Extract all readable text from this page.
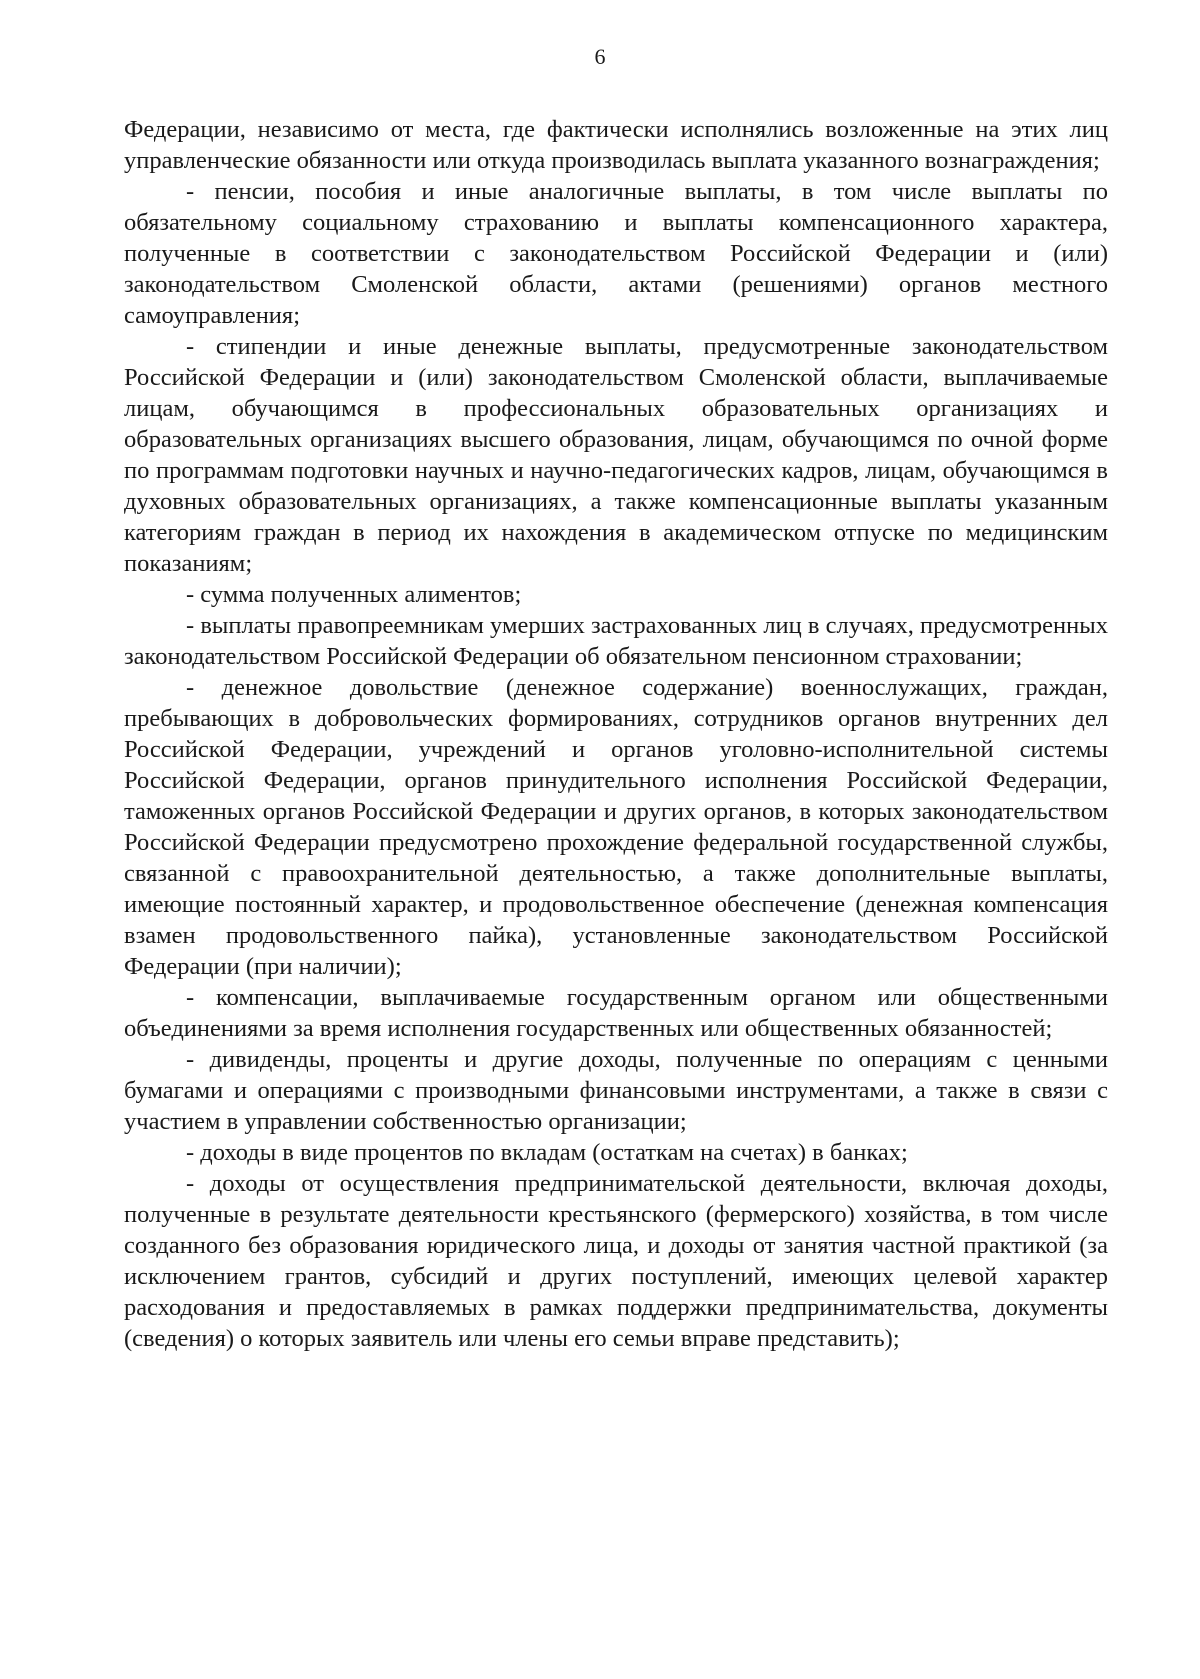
6

Федерации, независимо от места, где фактически исполнялись возложенные на этих лиц управленческие обязанности или откуда производилась выплата указанного вознаграждения;

- пенсии, пособия и иные аналогичные выплаты, в том числе выплаты по обязательному социальному страхованию и выплаты компенсационного характера, полученные в соответствии с законодательством Российской Федерации и (или) законодательством Смоленской области, актами (решениями) органов местного самоуправления;

- стипендии и иные денежные выплаты, предусмотренные законодательством Российской Федерации и (или) законодательством Смоленской области, выплачиваемые лицам, обучающимся в профессиональных образовательных организациях и образовательных организациях высшего образования, лицам, обучающимся по очной форме по программам подготовки научных и научно-педагогических кадров, лицам, обучающимся в духовных образовательных организациях, а также компенсационные выплаты указанным категориям граждан в период их нахождения в академическом отпуске по медицинским показаниям;

- сумма полученных алиментов;

- выплаты правопреемникам умерших застрахованных лиц в случаях, предусмотренных законодательством Российской Федерации об обязательном пенсионном страховании;

- денежное довольствие (денежное содержание) военнослужащих, граждан, пребывающих в добровольческих формированиях, сотрудников органов внутренних дел Российской Федерации, учреждений и органов уголовно-исполнительной системы Российской Федерации, органов принудительного исполнения Российской Федерации, таможенных органов Российской Федерации и других органов, в которых законодательством Российской Федерации предусмотрено прохождение федеральной государственной службы, связанной с правоохранительной деятельностью, а также дополнительные выплаты, имеющие постоянный характер, и продовольственное обеспечение (денежная компенсация взамен продовольственного пайка), установленные законодательством Российской Федерации (при наличии);

- компенсации, выплачиваемые государственным органом или общественными объединениями за время исполнения государственных или общественных обязанностей;

- дивиденды, проценты и другие доходы, полученные по операциям с ценными бумагами и операциями с производными финансовыми инструментами, а также в связи с участием в управлении собственностью организации;

- доходы в виде процентов по вкладам (остаткам на счетах) в банках;

- доходы от осуществления предпринимательской деятельности, включая доходы, полученные в результате деятельности крестьянского (фермерского) хозяйства, в том числе созданного без образования юридического лица, и доходы от занятия частной практикой (за исключением грантов, субсидий и других поступлений, имеющих целевой характер расходования и предоставляемых в рамках поддержки предпринимательства, документы (сведения) о которых заявитель или члены его семьи вправе представить);
